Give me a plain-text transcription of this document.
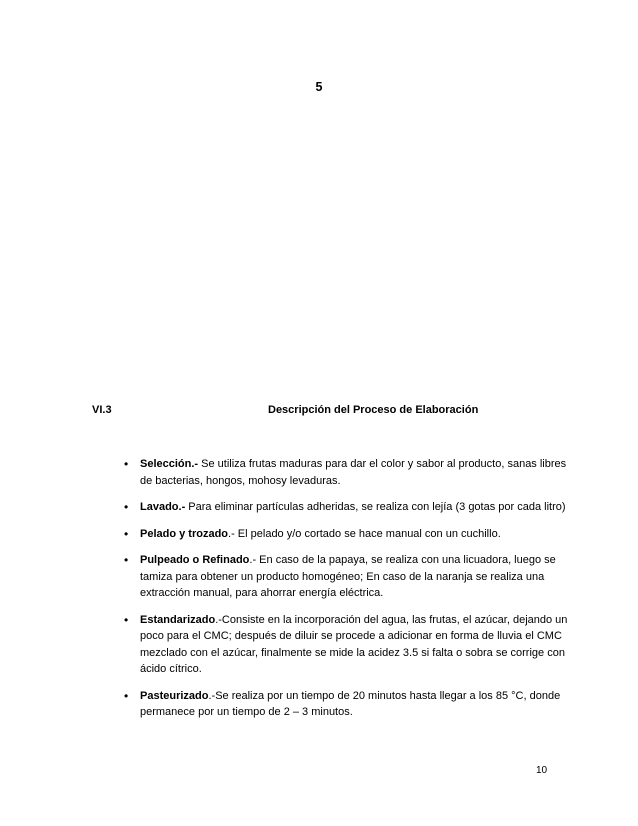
5
VI.3	Descripción del Proceso de Elaboración
• Selección.- Se utiliza frutas maduras para dar el color y sabor al producto, sanas libres de bacterias, hongos, mohosy levaduras.
• Lavado.- Para eliminar partículas adheridas, se realiza con lejía (3 gotas por cada litro)
• Pelado y trozado.- El pelado y/o cortado se hace manual con un cuchillo.
• Pulpeado o Refinado.- En caso de la papaya, se realiza con una licuadora, luego se tamiza para obtener un producto homogéneo; En caso de la naranja se realiza una extracción manual, para ahorrar energía eléctrica.
• Estandarizado.-Consiste en la incorporación del agua, las frutas, el azúcar, dejando un poco para el CMC; después de diluir se procede a adicionar en forma de lluvia el CMC mezclado con el azúcar, finalmente se mide la acidez 3.5 si falta o sobra se corrige con ácido cítrico.
• Pasteurizado.-Se realiza por un tiempo de 20 minutos hasta llegar a los 85 °C, donde permanece por un tiempo de 2 – 3 minutos.
10
